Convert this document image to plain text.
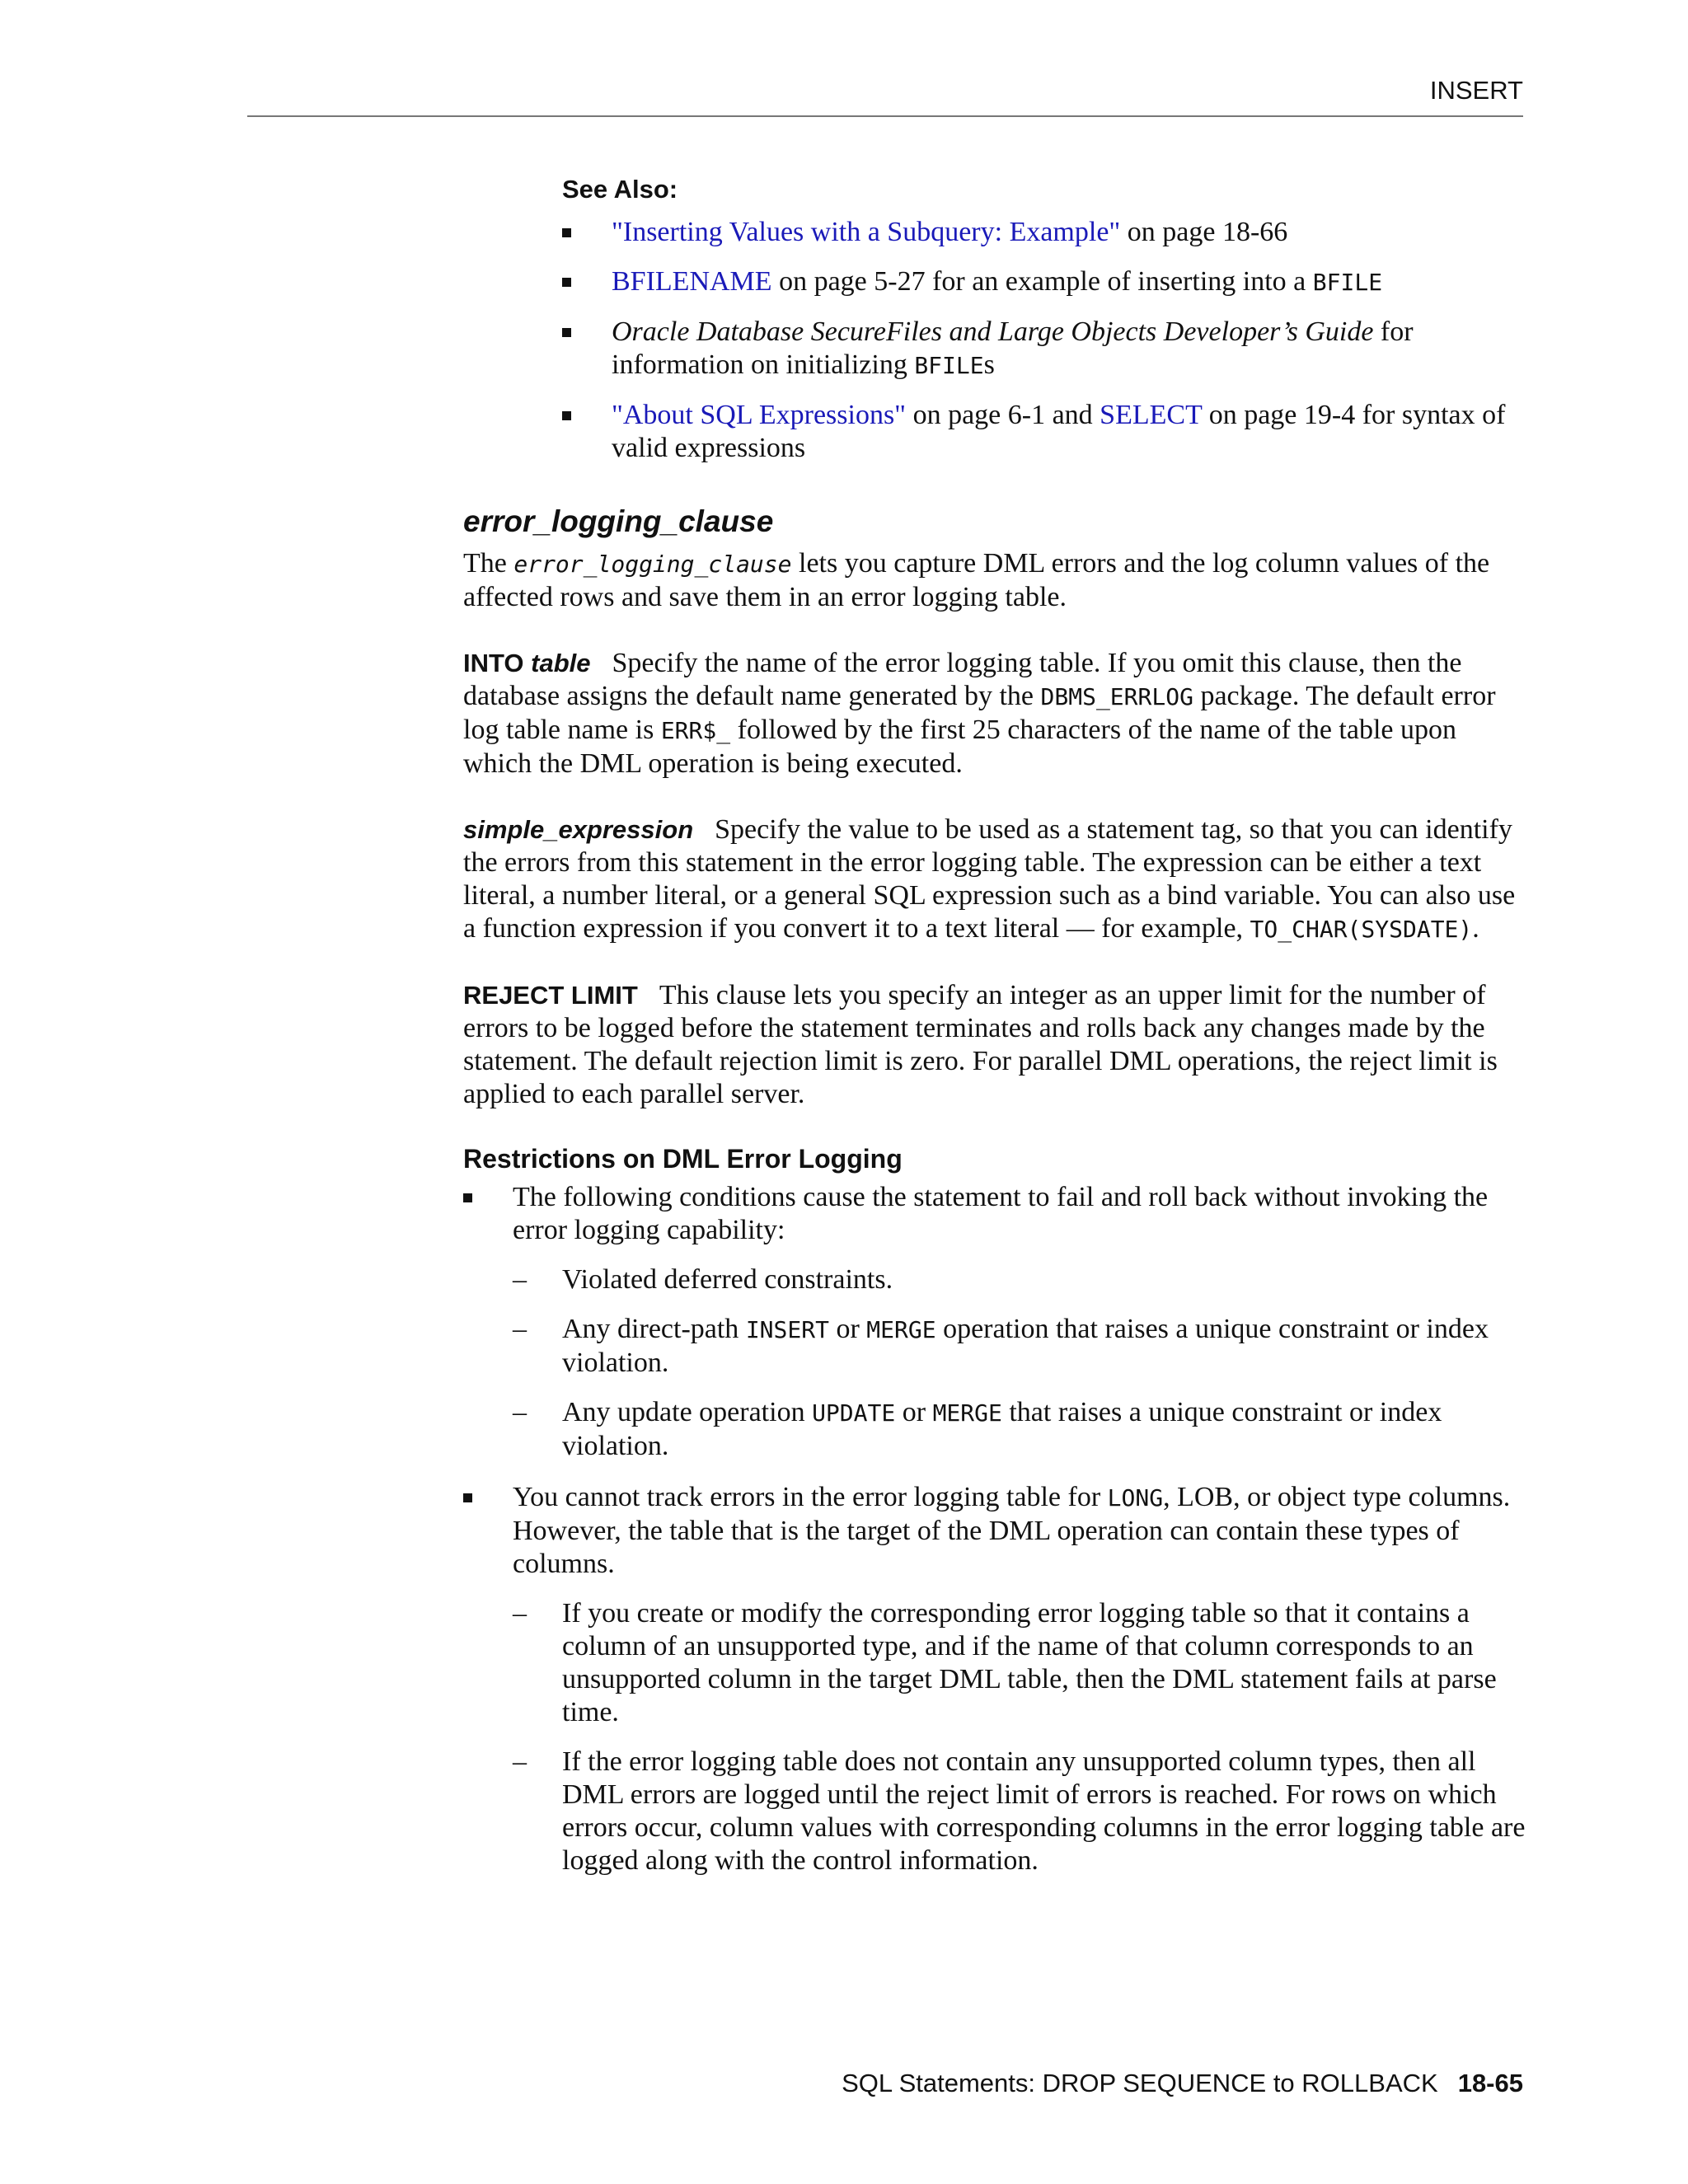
INSERT
See Also:
"Inserting Values with a Subquery: Example" on page 18-66
BFILENAME on page 5-27 for an example of inserting into a BFILE
Oracle Database SecureFiles and Large Objects Developer’s Guide for information on initializing BFILEs
"About SQL Expressions" on page 6-1 and SELECT on page 19-4 for syntax of valid expressions
error_logging_clause

The error_logging_clause lets you capture DML errors and the log column values of the affected rows and save them in an error logging table.

INTO table Specify the name of the error logging table. If you omit this clause, then the database assigns the default name generated by the DBMS_ERRLOG package. The default error log table name is ERR$_ followed by the first 25 characters of the name of the table upon which the DML operation is being executed.

simple_expression Specify the value to be used as a statement tag, so that you can identify the errors from this statement in the error logging table. The expression can be either a text literal, a number literal, or a general SQL expression such as a bind variable. You can also use a function expression if you convert it to a text literal — for example, TO_CHAR(SYSDATE).

REJECT LIMIT This clause lets you specify an integer as an upper limit for the number of errors to be logged before the statement terminates and rolls back any changes made by the statement. The default rejection limit is zero. For parallel DML operations, the reject limit is applied to each parallel server.

Restrictions on DML Error Logging
The following conditions cause the statement to fail and roll back without invoking the error logging capability:
– Violated deferred constraints.
– Any direct-path INSERT or MERGE operation that raises a unique constraint or index violation.
– Any update operation UPDATE or MERGE that raises a unique constraint or index violation.
You cannot track errors in the error logging table for LONG, LOB, or object type columns. However, the table that is the target of the DML operation can contain these types of columns.
– If you create or modify the corresponding error logging table so that it contains a column of an unsupported type, and if the name of that column corresponds to an unsupported column in the target DML table, then the DML statement fails at parse time.
– If the error logging table does not contain any unsupported column types, then all DML errors are logged until the reject limit of errors is reached. For rows on which errors occur, column values with corresponding columns in the error logging table are logged along with the control information.
SQL Statements: DROP SEQUENCE to ROLLBACK 18-65
